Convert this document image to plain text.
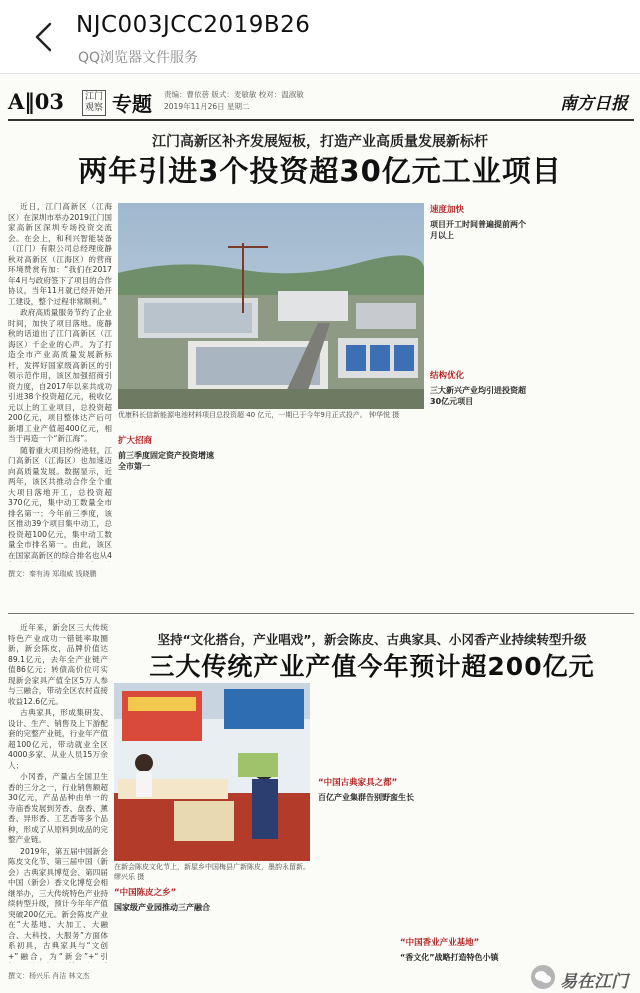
NJC003JCC2019B26
QQ浏览器文件服务
A‖03	江门观察 专题 责编：曹依蓓 版式：麦敏敏 校对：温淑敏 2019年11月26日 星期二	南方日报
江门高新区补齐发展短板，打造产业高质量发展新标杆
两年引进3个投资超30亿元工业项目

近日，江门高新区（江海区）在深圳市举办2019江门国家高新区深圳专场投资交流会。在会上，和利兴智能装备（江门）有限公司总经理庞静秋对高新区（江海区）的营商环境赞赏有加：“我们在2017年4月与政府签下了项目的合作协议，当年11月就已经开始开工建设，整个过程非常顺利。”

政府高质量服务节约了企业时间，加快了项目落地。庞静秋的话道出了江门高新区（江海区）千企业的心声。为了打造全市产业高质量发展新标杆，发挥好国家级高新区的引领示范作用，该区加强招商引资力度，自2017年以来共成功引进38个投资超亿元，税收亿元以上的工业项目，总投资超 200亿元，项目整体达产后可新增工业产值超400亿元，相当于再造一个“新江海”。

随着重大项目纷纷进驻，江门高新区（江海区）也加速迈向高质量发展。数据显示，近两年，该区共推动合作全个重大项目落地开工，总投资超 370亿元，集中动工数量全市排名第一；今年前三季度，该区推动39个项目集中动工，总投资超100亿元，集中动工数量全市排名第一。由此，该区在国家高新区的综合排名也从4

撰文：秦有涛 郑瑞威 钱晓鹏
优康科长信新能源电池材料项目总投资超 40 亿元，一期已于今年9月正式投产。 钟华悦 摄
速度加快
项目开工时间普遍提前两个月以上
结构优化
三大新兴产业均引进投资超30亿元项目
扩大招商
前三季度固定资产投资增速全市第一
坚持“文化搭台，产业唱戏”，新会陈皮、古典家具、小冈香产业持续转型升级
三大传统产业产值今年预计超200亿元

近年来，新会区三大传统特色产业成功一错链率取圈新，新会陈皮，品牌价值达89.1亿元，去年全产业链产值86亿元；转债高价位可实现新会家具产值全区5万人参与三融合，带动全区农村直接收益12.6亿元。

古典家具，形成集研发、设计、生产、销售及上下游配套的完整产业链，行业年产值超100亿元，带动就业全区4000多家、从业人员15万余人；

小冈香，产量占全国卫生香的三分之一，行业销售额超30亿元，产品品种由单一的寺庙香发展到芳香、盘香、薰香、异形香、工艺香等多个品种，形成了从原料到成品的完整产业链。

2019年，第五届中国新会陈皮文化节、第三届中国（新会）古典家具博览会、第四届中国（新会）香文化博览会相继举办，三大传统特色产业持续转型升级，预计今年年产值突破200亿元。新会陈皮产业在“大基地、大加工、大融合、大科技、大服务”方面体系初具，古典家具与“文创+”融合，为“新会”+“引

撰文：杨兴乐 肖洁 林文杰
在新会陈皮文化节上，新屋乡中国梅县广新陈皮，墨韵永留新。 缪兴乐 摄
“中国陈皮之乡”
国家级产业园推动三产融合
“中国古典家具之都”
百亿产业集群告别野蛮生长
“中国香业产业基地”
“香文化”战略打造特色小镇
易在江门
